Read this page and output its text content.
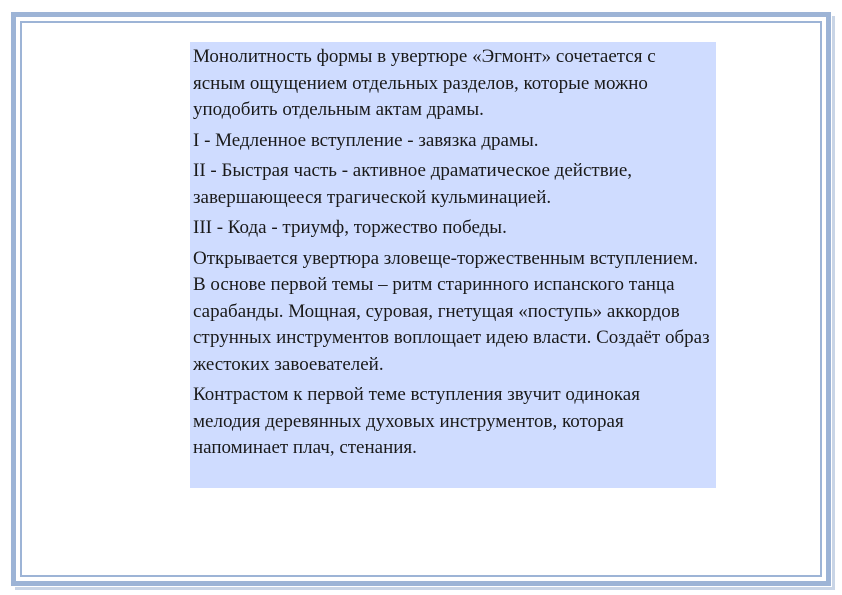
Монолитность формы в увертюре «Эгмонт» сочетается с ясным ощущением отдельных разделов, которые можно уподобить отдельным актам драмы.

I - Медленное вступление - завязка драмы.

II - Быстрая часть - активное драматическое действие, завершающееся трагической кульминацией.

III - Кода - триумф, торжество победы.

Открывается увертюра зловеще-торжественным вступлением. В основе первой темы – ритм старинного испанского танца сарабанды. Мощная, суровая, гнетущая «поступь» аккордов струнных инструментов воплощает идею власти. Создаёт образ жестоких завоевателей.

Контрастом к первой теме вступления звучит одинокая мелодия деревянных духовых инструментов, которая напоминает плач, стенания.
